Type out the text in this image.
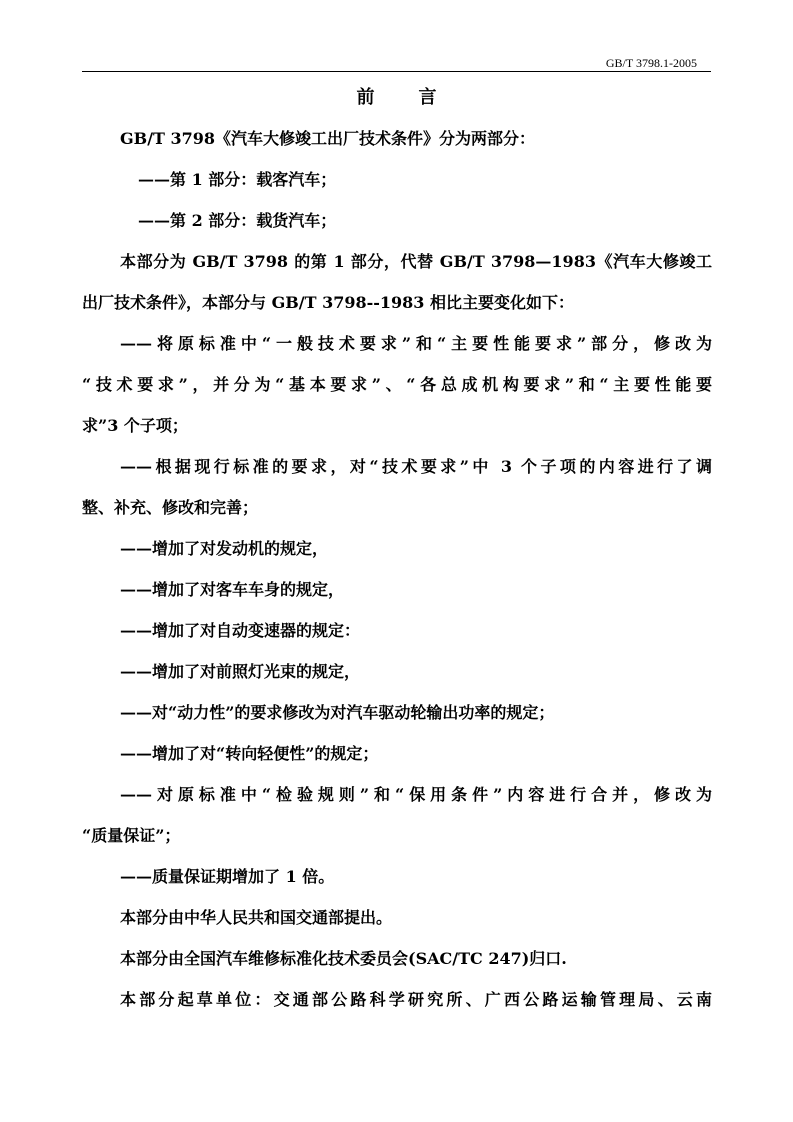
GB/T 3798.1-2005
前 言

GB/T 3798《汽车大修竣工出厂技术条件》分为两部分：

——第 1 部分：载客汽车；

——第 2 部分：载货汽车；

本部分为 GB/T 3798 的第 1 部分，代替 GB/T 3798—1983《汽车大修竣工

出厂技术条件》，本部分与 GB/T 3798--1983 相比主要变化如下：

——将原标准中“一般技术要求”和“主要性能要求”部分，修改为

“技术要求”，并分为“基本要求”、“各总成机构要求”和“主要性能要

求”3 个子项；

——根据现行标准的要求，对“技术要求”中 3 个子项的内容进行了调

整、补充、修改和完善；

——增加了对发动机的规定，

——增加了对客车车身的规定，

——增加了对自动变速器的规定：

——增加了对前照灯光束的规定，

——对“动力性”的要求修改为对汽车驱动轮输出功率的规定；

——增加了对“转向轻便性”的规定；

——对原标准中“检验规则”和“保用条件”内容进行合并，修改为

“质量保证”；

——质量保证期增加了 1 倍。

本部分由中华人民共和国交通部提出。

本部分由全国汽车维修标准化技术委员会(SAC/TC 247)归口.

本部分起草单位：交通部公路科学研究所、广西公路运输管理局、云南
